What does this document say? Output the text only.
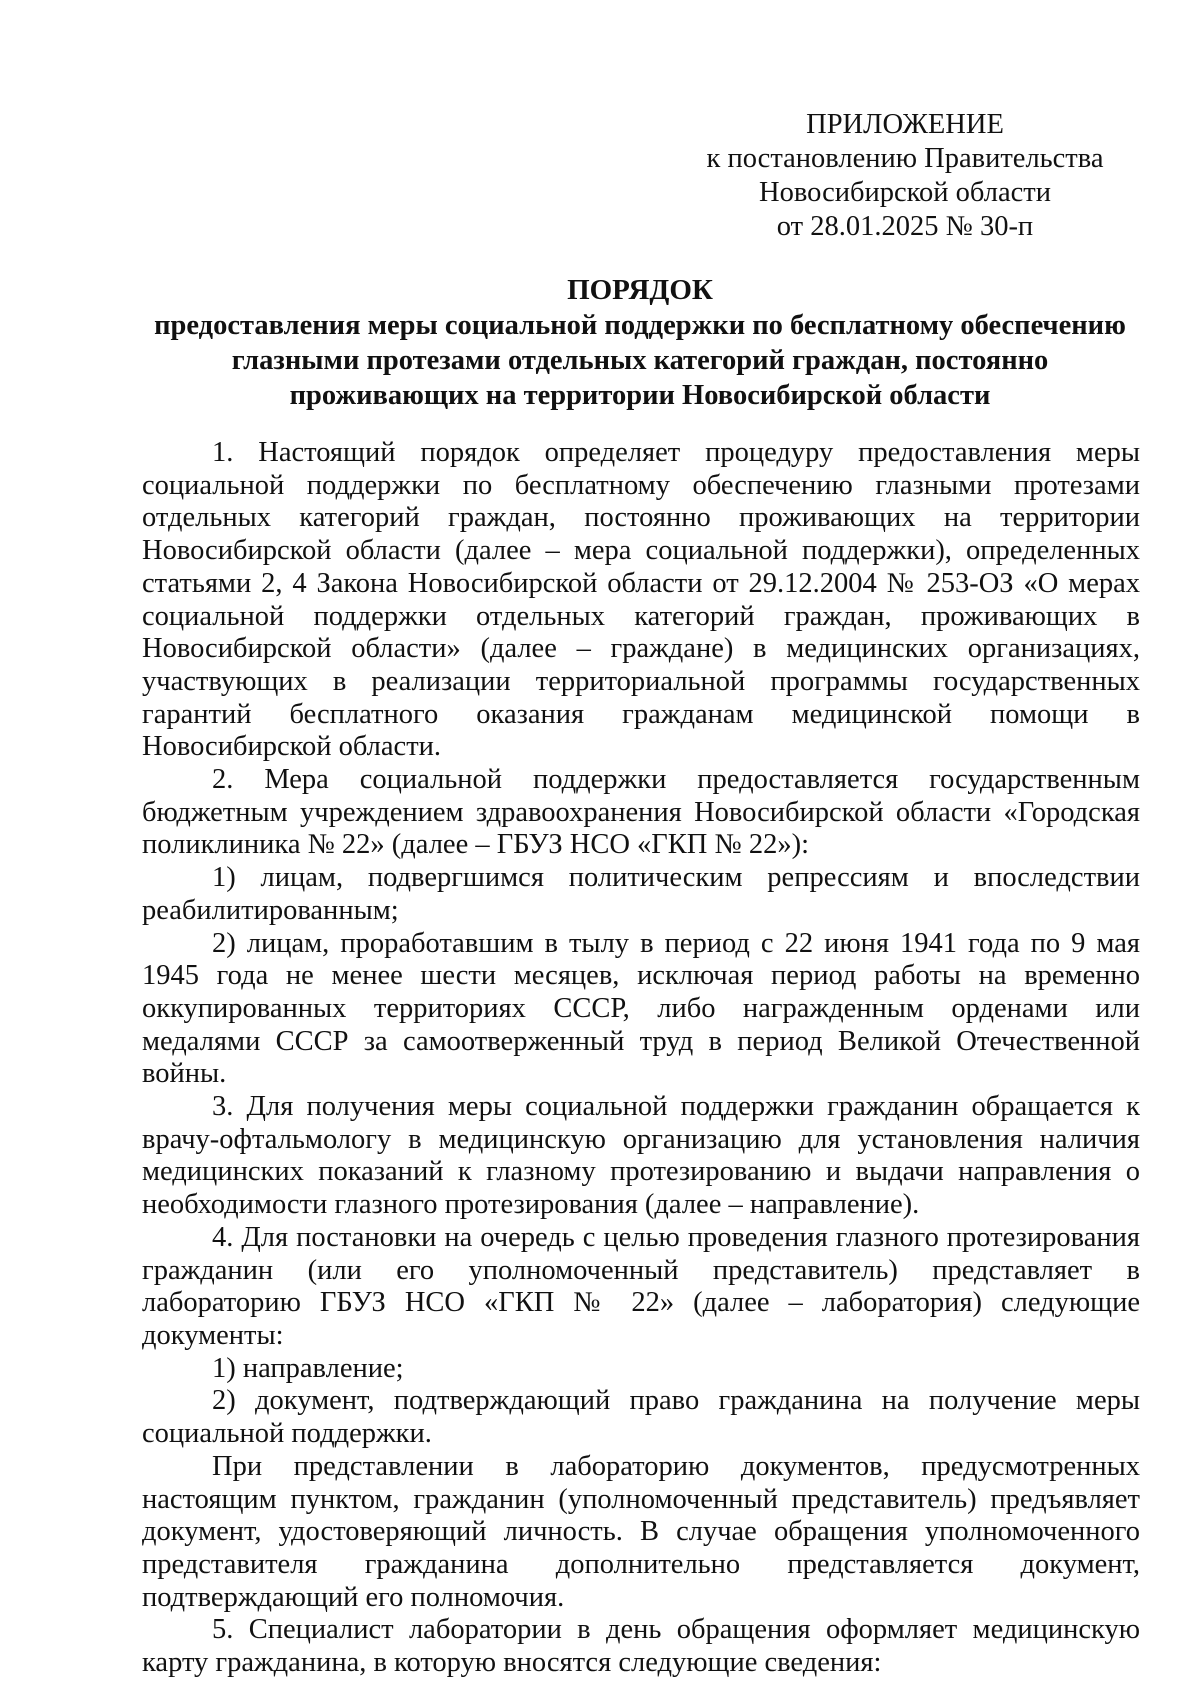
ПРИЛОЖЕНИЕ
к постановлению Правительства
Новосибирской области
от 28.01.2025 № 30-п
ПОРЯДОК
предоставления меры социальной поддержки по бесплатному обеспечению
глазными протезами отдельных категорий граждан, постоянно
проживающих на территории Новосибирской области

1. Настоящий порядок определяет процедуру предоставления меры социальной поддержки по бесплатному обеспечению глазными протезами отдельных категорий граждан, постоянно проживающих на территории Новосибирской области (далее – мера социальной поддержки), определенных статьями 2, 4 Закона Новосибирской области от 29.12.2004 № 253-ОЗ «О мерах социальной поддержки отдельных категорий граждан, проживающих в Новосибирской области» (далее – граждане) в медицинских организациях, участвующих в реализации территориальной программы государственных гарантий бесплатного оказания гражданам медицинской помощи в Новосибирской области.

2. Мера социальной поддержки предоставляется государственным бюджетным учреждением здравоохранения Новосибирской области «Городская поликлиника № 22» (далее – ГБУЗ НСО «ГКП № 22»):

1) лицам, подвергшимся политическим репрессиям и впоследствии реабилитированным;

2) лицам, проработавшим в тылу в период с 22 июня 1941 года по 9 мая 1945 года не менее шести месяцев, исключая период работы на временно оккупированных территориях СССР, либо награжденным орденами или медалями СССР за самоотверженный труд в период Великой Отечественной войны.

3. Для получения меры социальной поддержки гражданин обращается к врачу-офтальмологу в медицинскую организацию для установления наличия медицинских показаний к глазному протезированию и выдачи направления о необходимости глазного протезирования (далее – направление).

4. Для постановки на очередь с целью проведения глазного протезирования гражданин (или его уполномоченный представитель) представляет в лабораторию ГБУЗ НСО «ГКП № 22» (далее – лаборатория) следующие документы:

1) направление;

2) документ, подтверждающий право гражданина на получение меры социальной поддержки.

При представлении в лабораторию документов, предусмотренных настоящим пунктом, гражданин (уполномоченный представитель) предъявляет документ, удостоверяющий личность. В случае обращения уполномоченного представителя гражданина дополнительно представляется документ, подтверждающий его полномочия.

5. Специалист лаборатории в день обращения оформляет медицинскую карту гражданина, в которую вносятся следующие сведения:
